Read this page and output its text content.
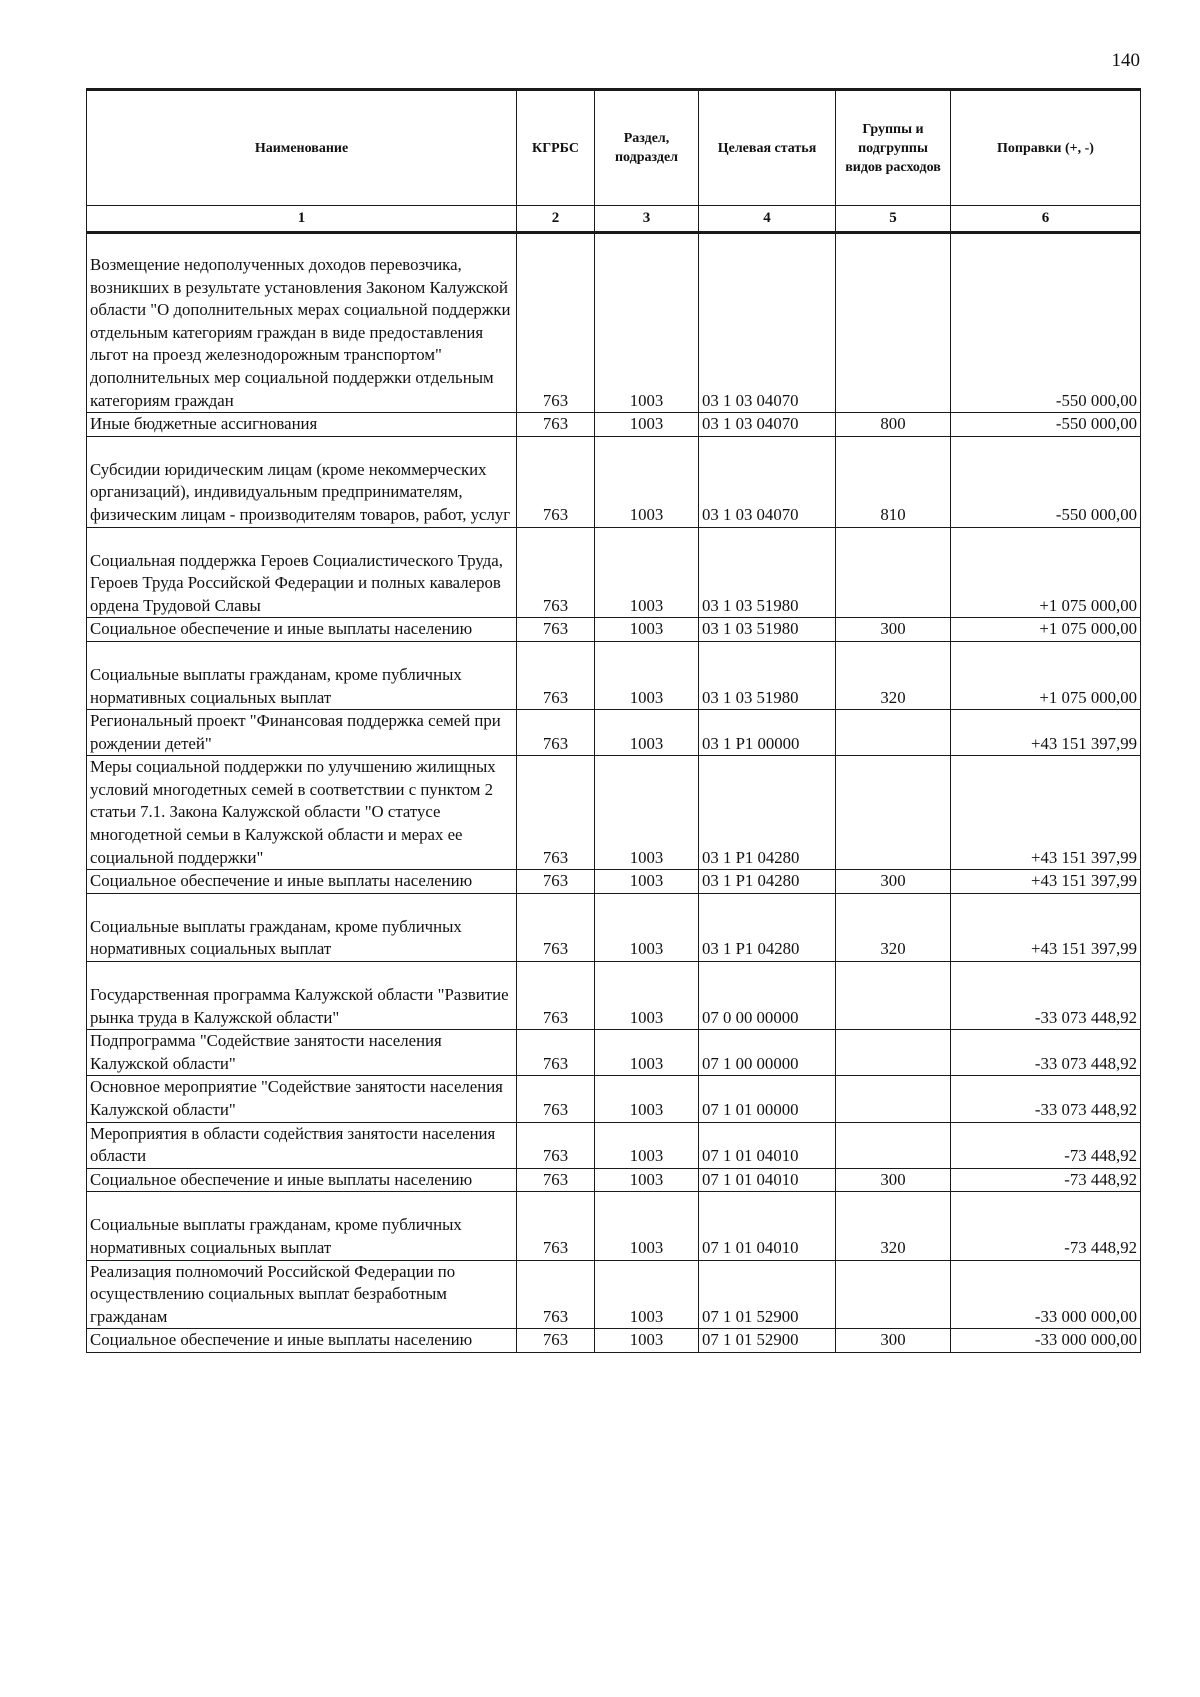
140
Наименование	КГРБС	Раздел, подраздел	Целевая статья	Группы и подгруппы видов расходов	Поправки (+, -)
1	2	3	4	5	6
Возмещение недополученных доходов перевозчика, возникших в результате установления Законом Калужской области "О дополнительных мерах социальной поддержки отдельным категориям граждан в виде предоставления льгот на проезд железнодорожным транспортом" дополнительных мер социальной поддержки отдельным категориям граждан	763	1003	03 1 03 04070		-550 000,00
Иные бюджетные ассигнования	763	1003	03 1 03 04070	800	-550 000,00
Субсидии юридическим лицам (кроме некоммерческих организаций), индивидуальным предпринимателям, физическим лицам - производителям товаров, работ, услуг	763	1003	03 1 03 04070	810	-550 000,00
Социальная поддержка Героев Социалистического Труда, Героев Труда Российской Федерации и полных кавалеров ордена Трудовой Славы	763	1003	03 1 03 51980		+1 075 000,00
Социальное обеспечение и иные выплаты населению	763	1003	03 1 03 51980	300	+1 075 000,00
Социальные выплаты гражданам, кроме публичных нормативных социальных выплат	763	1003	03 1 03 51980	320	+1 075 000,00
Региональный проект "Финансовая поддержка семей при рождении детей"	763	1003	03 1 Р1 00000		+43 151 397,99
Меры социальной поддержки по улучшению жилищных условий многодетных семей в соответствии с пунктом 2 статьи 7.1. Закона Калужской области "О статусе многодетной семьи в Калужской области и мерах ее социальной поддержки"	763	1003	03 1 Р1 04280		+43 151 397,99
Социальное обеспечение и иные выплаты населению	763	1003	03 1 Р1 04280	300	+43 151 397,99
Социальные выплаты гражданам, кроме публичных нормативных социальных выплат	763	1003	03 1 Р1 04280	320	+43 151 397,99
Государственная программа Калужской области "Развитие рынка труда в Калужской области"	763	1003	07 0 00 00000		-33 073 448,92
Подпрограмма "Содействие занятости населения Калужской области"	763	1003	07 1 00 00000		-33 073 448,92
Основное мероприятие "Содействие занятости населения Калужской области"	763	1003	07 1 01 00000		-33 073 448,92
Мероприятия в области содействия занятости населения области	763	1003	07 1 01 04010		-73 448,92
Социальное обеспечение и иные выплаты населению	763	1003	07 1 01 04010	300	-73 448,92
Социальные выплаты гражданам, кроме публичных нормативных социальных выплат	763	1003	07 1 01 04010	320	-73 448,92
Реализация полномочий Российской Федерации по осуществлению социальных выплат безработным гражданам	763	1003	07 1 01 52900		-33 000 000,00
Социальное обеспечение и иные выплаты населению	763	1003	07 1 01 52900	300	-33 000 000,00
